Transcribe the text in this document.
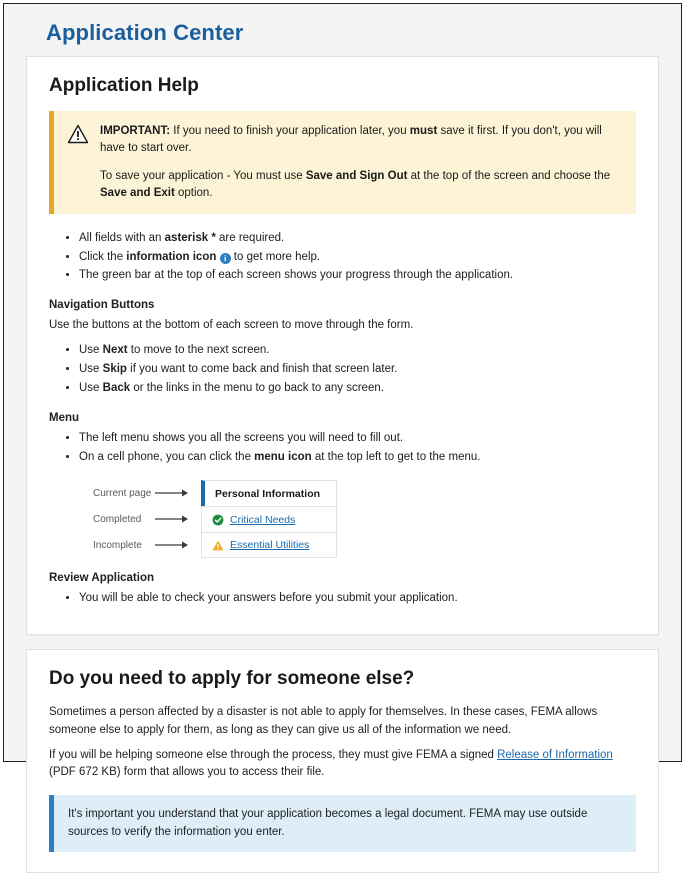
Application Center
Application Help

IMPORTANT: If you need to finish your application later, you must save it first. If you don't, you will have to start over.

To save your application - You must use Save and Sign Out at the top of the screen and choose the Save and Exit option.

• All fields with an asterisk * are required.
• Click the information icon i to get more help.
• The green bar at the top of each screen shows your progress through the application.
Navigation Buttons

Use the buttons at the bottom of each screen to move through the form.

• Use Next to move to the next screen.
• Use Skip if you want to come back and finish that screen later.
• Use Back or the links in the menu to go back to any screen.
Menu
• The left menu shows you all the screens you will need to fill out.
• On a cell phone, you can click the menu icon at the top left to get to the menu.
Current page	Personal Information
Completed	Critical Needs
Incomplete	Essential Utilities
Review Application
• You will be able to check your answers before you submit your application.
Do you need to apply for someone else?

Sometimes a person affected by a disaster is not able to apply for themselves. In these cases, FEMA allows someone else to apply for them, as long as they can give us all of the information we need.

If you will be helping someone else through the process, they must give FEMA a signed Release of Information (PDF 672 KB) form that allows you to access their file.

It's important you understand that your application becomes a legal document. FEMA may use outside sources to verify the information you enter.
